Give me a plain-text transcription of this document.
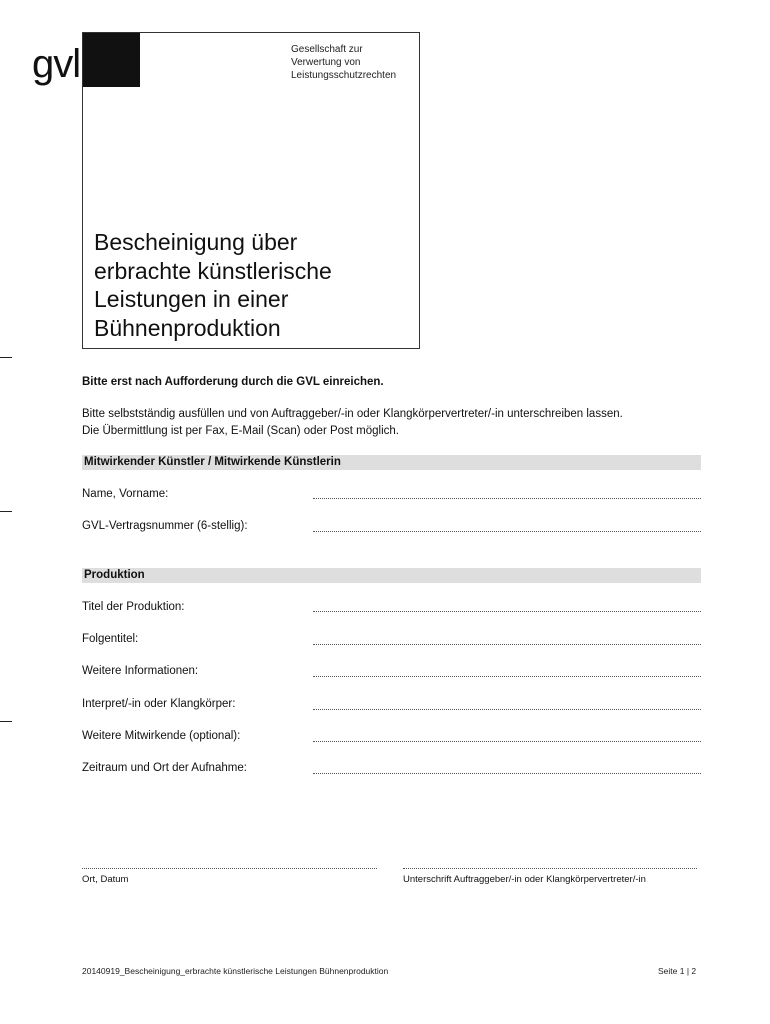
gvl	Gesellschaft zur
Verwertung von
Leistungsschutzrechten
Bescheinigung über
erbrachte künstlerische
Leistungen in einer
Bühnenproduktion
Bitte erst nach Aufforderung durch die GVL einreichen.
Bitte selbstständig ausfüllen und von Auftraggeber/-in oder Klangkörpervertreter/-in unterschreiben lassen.
Die Übermittlung ist per Fax, E-Mail (Scan) oder Post möglich.
Mitwirkender Künstler / Mitwirkende Künstlerin
Name, Vorname:
GVL-Vertragsnummer (6-stellig):
Produktion
Titel der Produktion:
Folgentitel:
Weitere Informationen:
Interpret/-in oder Klangkörper:
Weitere Mitwirkende (optional):
Zeitraum und Ort der Aufnahme:
Ort, Datum	Unterschrift Auftraggeber/-in oder Klangkörpervertreter/-in
20140919_Bescheinigung_erbrachte künstlerische Leistungen Bühnenproduktion	Seite 1 | 2
